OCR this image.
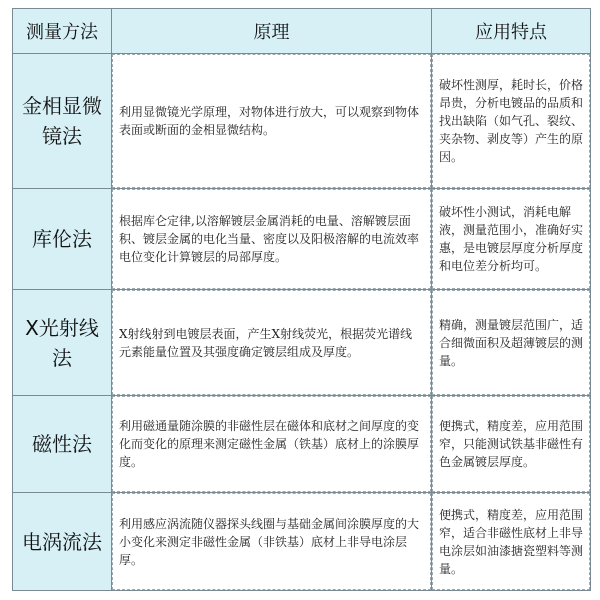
测量方法	原理	应用特点

金相显微镜法	利用显微镜光学原理，对物体进行放大，可以观察到物体表面或断面的金相显微结构。	破坏性测厚，耗时长，价格昂贵，分析电镀品的品质和找出缺陷（如气孔、裂纹、夹杂物、剥皮等）产生的原因。

库伦法	根据库仑定律,以溶解镀层金属消耗的电量、溶解镀层面积、镀层金属的电化当量、密度以及阳极溶解的电流效率电位变化计算镀层的局部厚度。	破坏性小测试，消耗电解液，测量范围小，准确好实惠，是电镀层厚度分析厚度和电位差分析均可。

X光射线法	X射线射到电镀层表面，产生X射线荧光，根据荧光谱线元素能量位置及其强度确定镀层组成及厚度。	精确，测量镀层范围广，适合细微面积及超薄镀层的测量。

磁性法	利用磁通量随涂膜的非磁性层在磁体和底材之间厚度的变化而变化的原理来测定磁性金属（铁基）底材上的涂膜厚度。	便携式，精度差，应用范围窄，只能测试铁基非磁性有色金属镀层厚度。

电涡流法	利用感应涡流随仪器探头线圈与基础金属间涂膜厚度的大小变化来测定非磁性金属（非铁基）底材上非导电涂层厚。	便携式，精度差，应用范围窄，适合非磁性底材上非导电涂层如油漆搪瓷塑料等测量。
